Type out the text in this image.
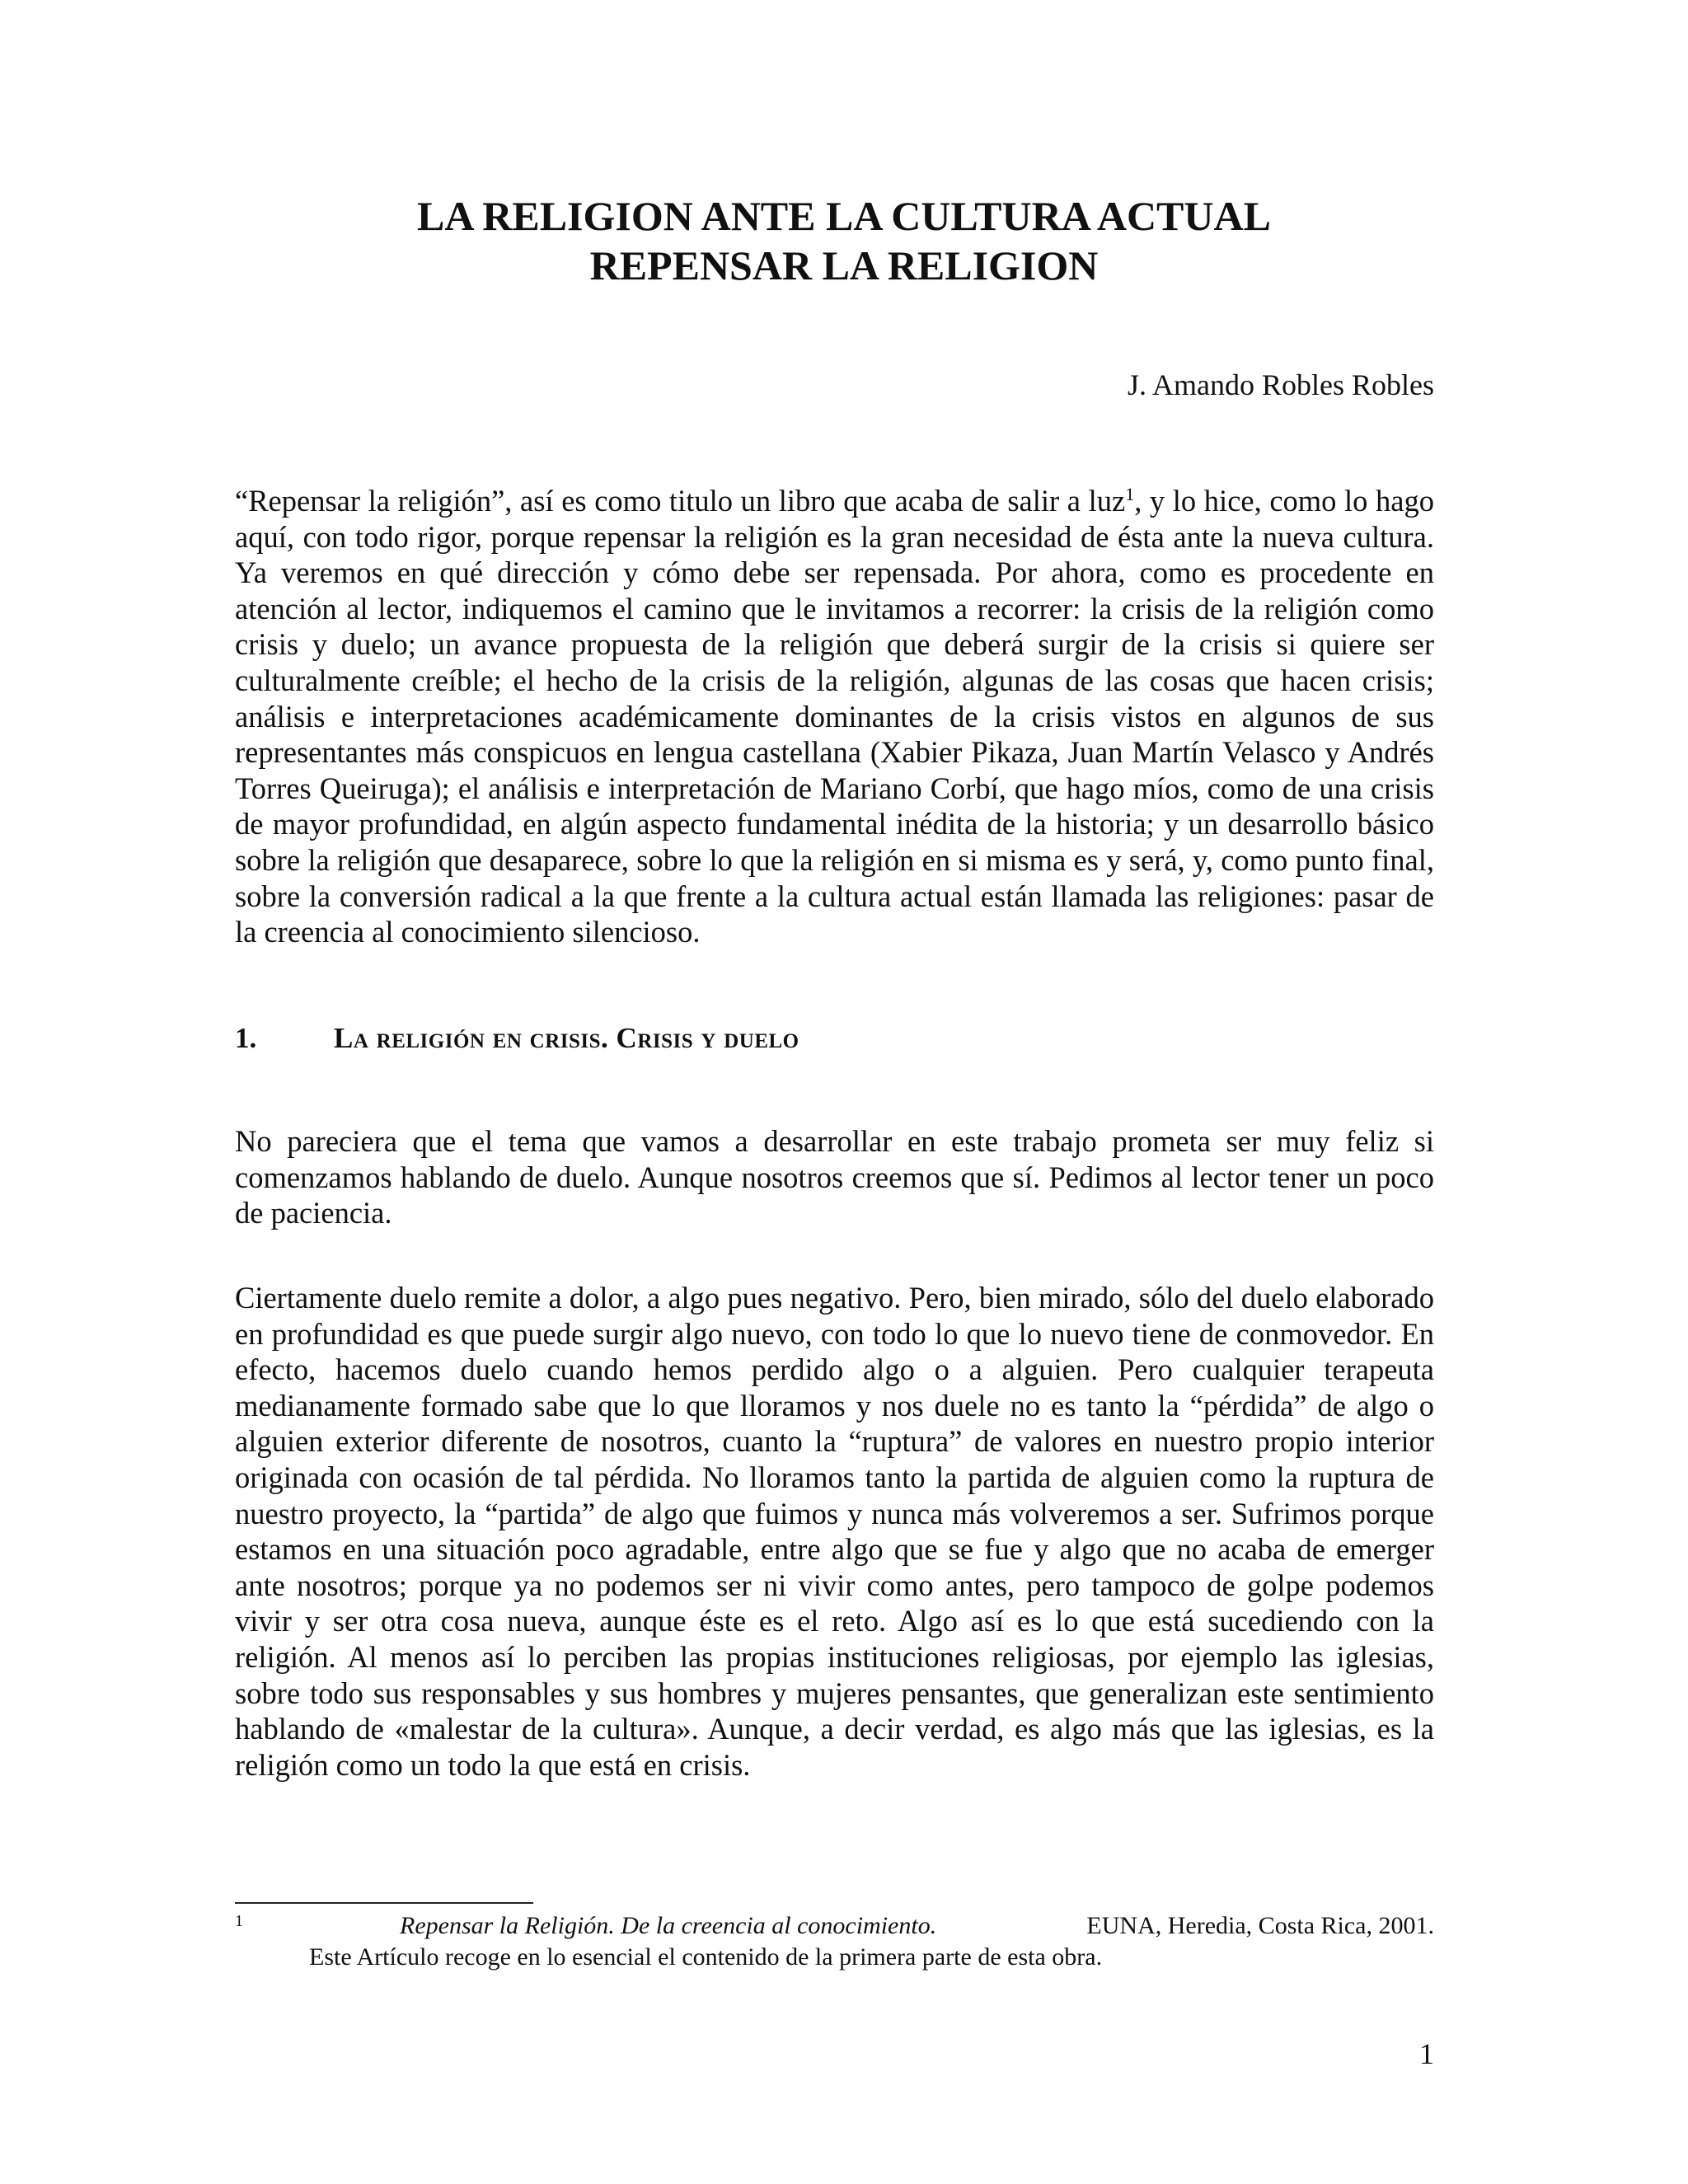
LA RELIGION ANTE LA CULTURA ACTUAL
REPENSAR LA RELIGION

J. Amando Robles Robles

“Repensar la religión”, así es como titulo un libro que acaba de salir a luz$^1$, y lo hice, como lo hago aquí, con todo rigor, porque repensar la religión es la gran necesidad de ésta ante la nueva cultura. Ya veremos en qué dirección y cómo debe ser repensada. Por ahora, como es procedente en atención al lector, indiquemos el camino que le invitamos a recorrer: la crisis de la religión como crisis y duelo; un avance propuesta de la religión que deberá surgir de la crisis si quiere ser culturalmente creíble; el hecho de la crisis de la religión, algunas de las cosas que hacen crisis; análisis e interpretaciones académicamente dominantes de la crisis vistos en algunos de sus representantes más conspicuos en lengua castellana (Xabier Pikaza, Juan Martín Velasco y Andrés Torres Queiruga); el análisis e interpretación de Mariano Corbí, que hago míos, como de una crisis de mayor profundidad, en algún aspecto fundamental inédita de la historia; y un desarrollo básico sobre la religión que desaparece, sobre lo que la religión en si misma es y será, y, como punto final, sobre la conversión radical a la que frente a la cultura actual están llamada las religiones: pasar de la creencia al conocimiento silencioso.

1.	La religión en crisis. Crisis y duelo

No pareciera que el tema que vamos a desarrollar en este trabajo prometa ser muy feliz si comenzamos hablando de duelo. Aunque nosotros creemos que sí. Pedimos al lector tener un poco de paciencia.

Ciertamente duelo remite a dolor, a algo pues negativo. Pero, bien mirado, sólo del duelo elaborado en profundidad es que puede surgir algo nuevo, con todo lo que lo nuevo tiene de conmovedor. En efecto, hacemos duelo cuando hemos perdido algo o a alguien. Pero cualquier terapeuta medianamente formado sabe que lo que lloramos y nos duele no es tanto la “pérdida” de algo o alguien exterior diferente de nosotros, cuanto la “ruptura” de valores en nuestro propio interior originada con ocasión de tal pérdida. No lloramos tanto la partida de alguien como la ruptura de nuestro proyecto, la “partida” de algo que fuimos y nunca más volveremos a ser. Sufrimos porque estamos en una situación poco agradable, entre algo que se fue y algo que no acaba de emerger ante nosotros; porque ya no podemos ser ni vivir como antes, pero tampoco de golpe podemos vivir y ser otra cosa nueva, aunque éste es el reto. Algo así es lo que está sucediendo con la religión. Al menos así lo perciben las propias instituciones religiosas, por ejemplo las iglesias, sobre todo sus responsables y sus hombres y mujeres pensantes, que generalizan este sentimiento hablando de «malestar de la cultura». Aunque, a decir verdad, es algo más que las iglesias, es la religión como un todo la que está en crisis.

1	Repensar la Religión. De la creencia al conocimiento.	EUNA, Heredia, Costa Rica, 2001.
Este Artículo recoge en lo esencial el contenido de la primera parte de esta obra.

1
